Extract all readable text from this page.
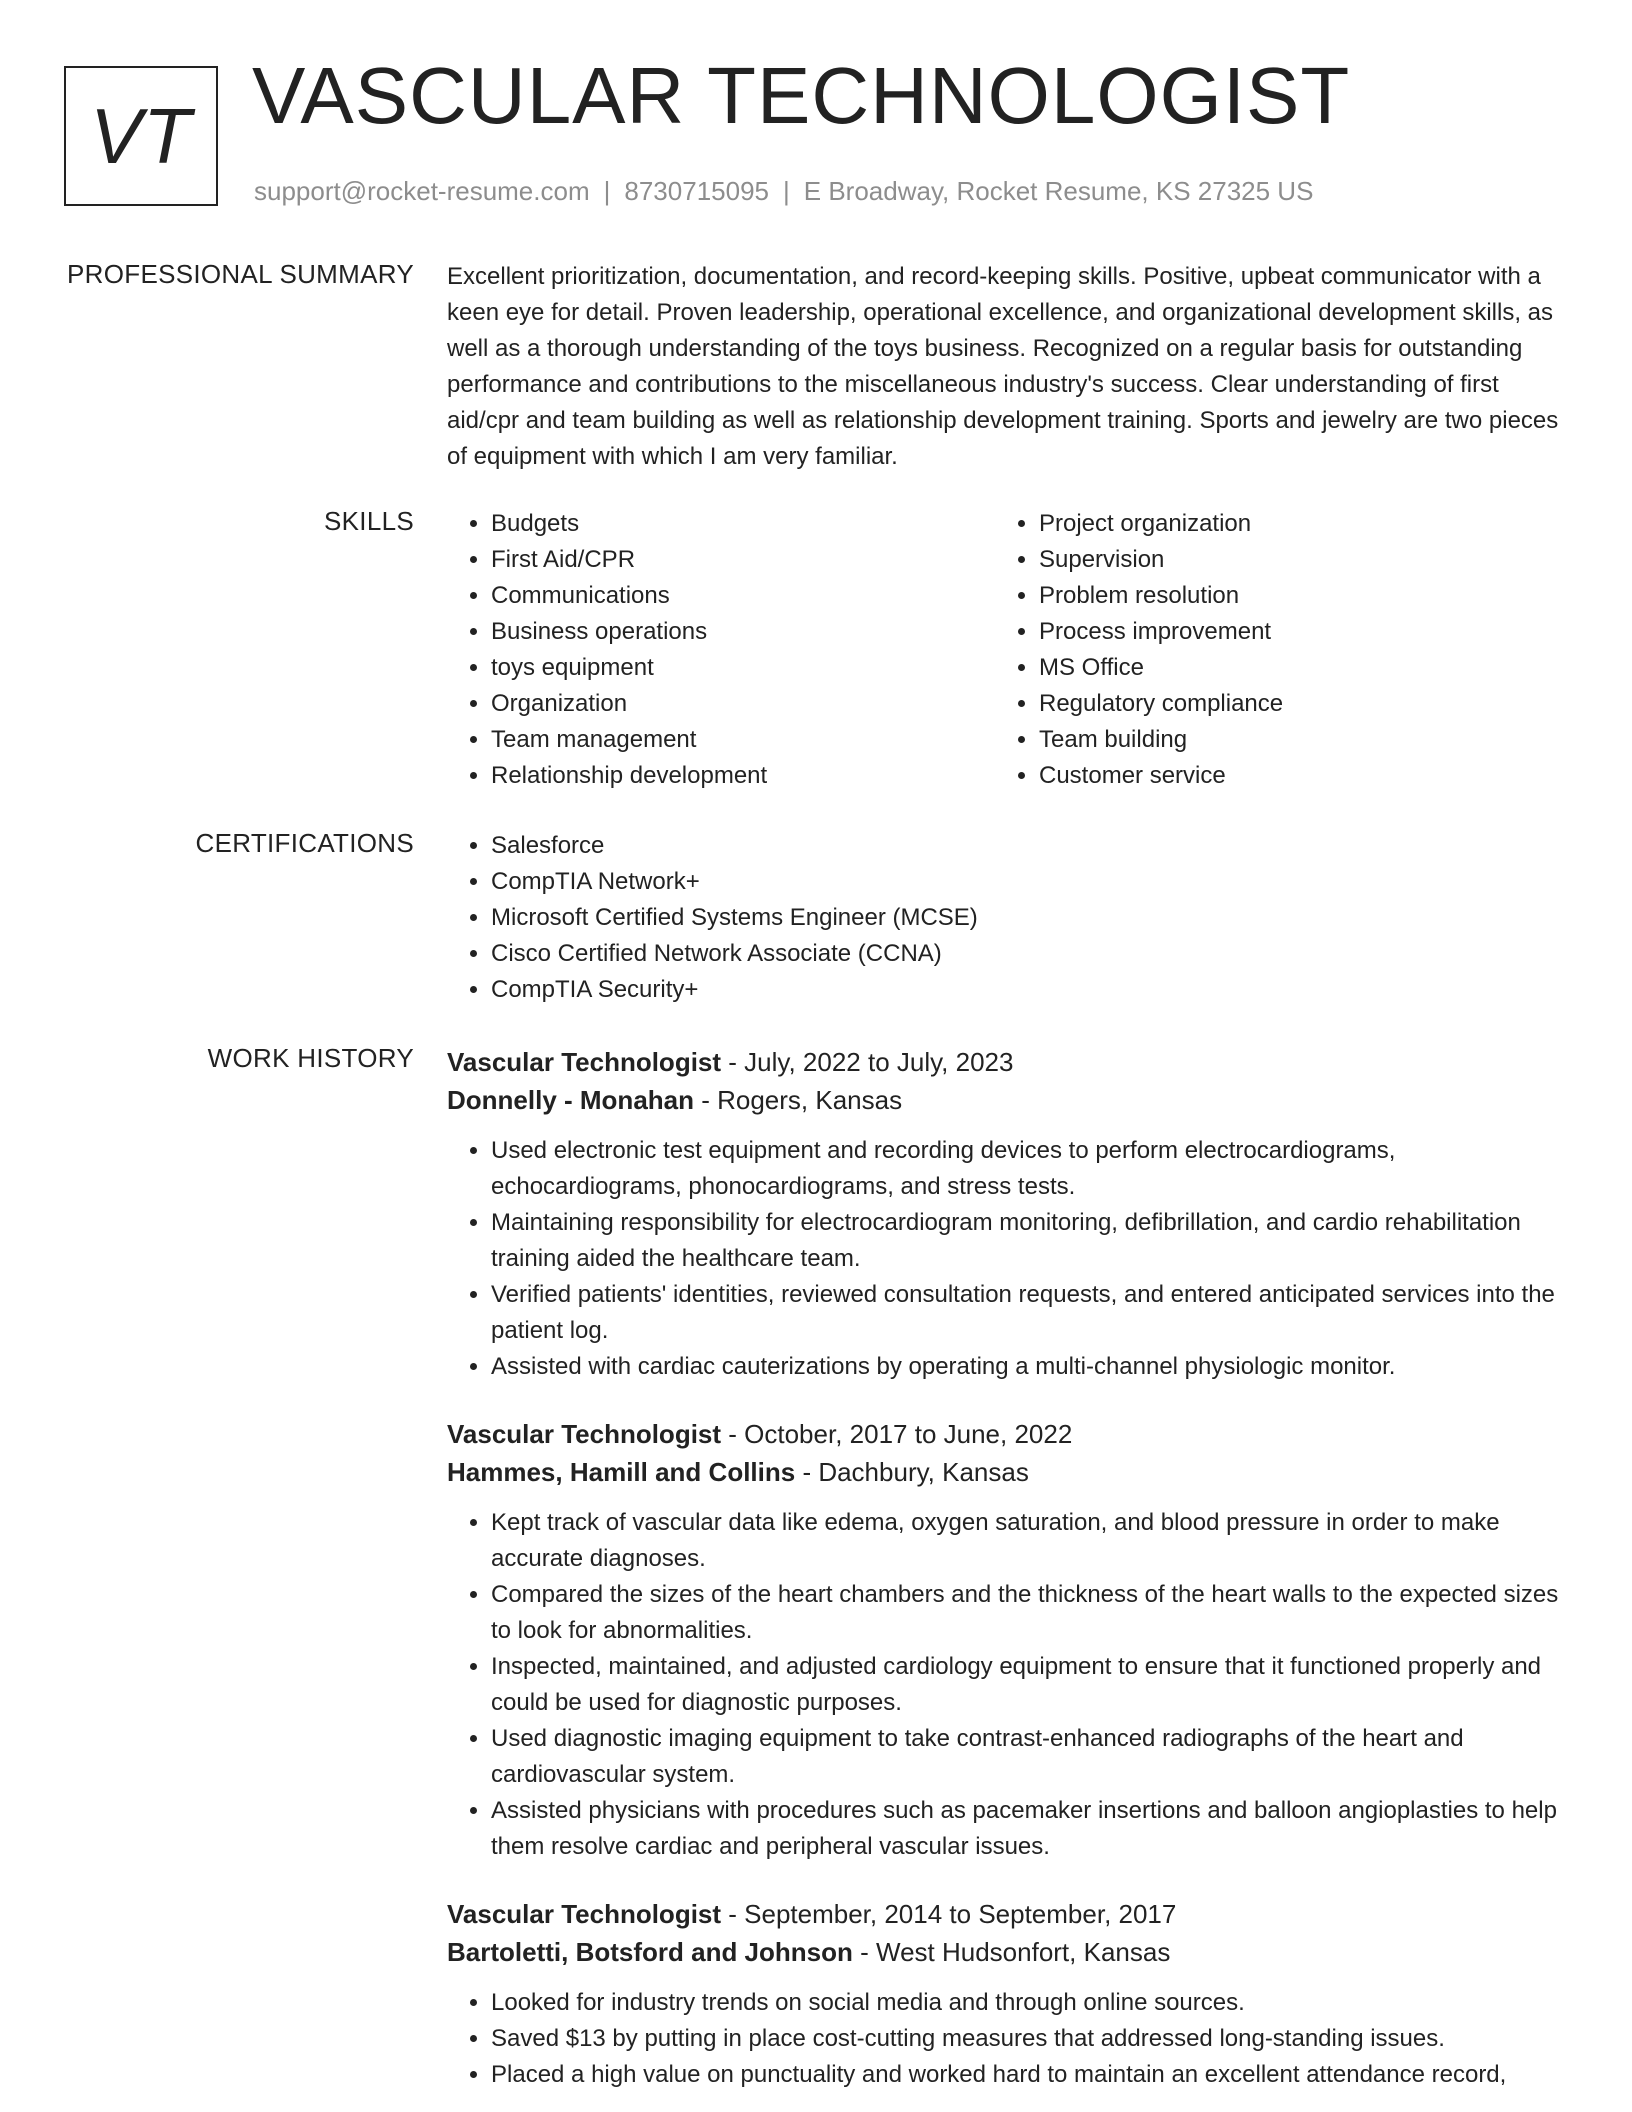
VT VASCULAR TECHNOLOGIST
support@rocket-resume.com | 8730715095 | E Broadway, Rocket Resume, KS 27325 US
PROFESSIONAL SUMMARY Excellent prioritization, documentation, and record-keeping skills. Positive, upbeat communicator with a keen eye for detail. Proven leadership, operational excellence, and organizational development skills, as well as a thorough understanding of the toys business. Recognized on a regular basis for outstanding performance and contributions to the miscellaneous industry's success. Clear understanding of first aid/cpr and team building as well as relationship development training. Sports and jewelry are two pieces of equipment with which I am very familiar.
SKILLS	• Budgets
• First Aid/CPR
• Communications
• Business operations
• toys equipment
• Organization
• Team management
• Relationship development
• Project organization
• Supervision
• Problem resolution
• Process improvement
• MS Office
• Regulatory compliance
• Team building
• Customer service
CERTIFICATIONS	• Salesforce
• CompTIA Network+
• Microsoft Certified Systems Engineer (MCSE)
• Cisco Certified Network Associate (CCNA)
• CompTIA Security+
WORK HISTORY Vascular Technologist - July, 2022 to July, 2023
Donnelly - Monahan - Rogers, Kansas
• Used electronic test equipment and recording devices to perform electrocardiograms, echocardiograms, phonocardiograms, and stress tests.
• Maintaining responsibility for electrocardiogram monitoring, defibrillation, and cardio rehabilitation training aided the healthcare team.
• Verified patients' identities, reviewed consultation requests, and entered anticipated services into the patient log.
• Assisted with cardiac cauterizations by operating a multi-channel physiologic monitor.
Vascular Technologist - October, 2017 to June, 2022
Hammes, Hamill and Collins - Dachbury, Kansas
• Kept track of vascular data like edema, oxygen saturation, and blood pressure in order to make accurate diagnoses.
• Compared the sizes of the heart chambers and the thickness of the heart walls to the expected sizes to look for abnormalities.
• Inspected, maintained, and adjusted cardiology equipment to ensure that it functioned properly and could be used for diagnostic purposes.
• Used diagnostic imaging equipment to take contrast-enhanced radiographs of the heart and cardiovascular system.
• Assisted physicians with procedures such as pacemaker insertions and balloon angioplasties to help them resolve cardiac and peripheral vascular issues.
Vascular Technologist - September, 2014 to September, 2017
Bartoletti, Botsford and Johnson - West Hudsonfort, Kansas
• Looked for industry trends on social media and through online sources.
• Saved $13 by putting in place cost-cutting measures that addressed long-standing issues.
• Placed a high value on punctuality and worked hard to maintain an excellent attendance record,
